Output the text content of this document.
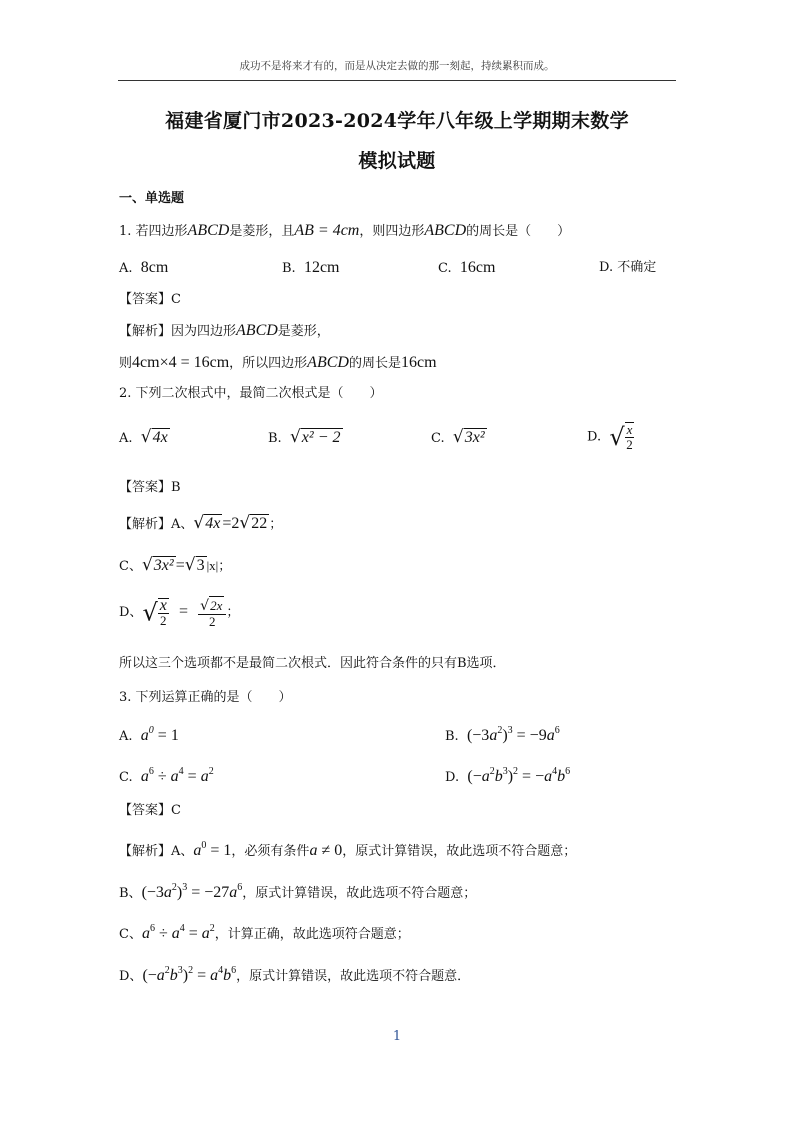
成功不是将来才有的，而是从决定去做的那一刻起，持续累积而成。
福建省厦门市2023-2024学年八年级上学期期末数学
模拟试题
一、单选题
1. 若四边形ABCD是菱形，且AB = 4cm，则四边形ABCD的周长是（　　）
A. 8cm	B. 12cm	C. 16cm	D. 不确定
【答案】C
【解析】因为四边形ABCD是菱形，
则4cm×4 = 16cm，所以四边形ABCD的周长是16cm
2. 下列二次根式中，最简二次根式是（　　）
A. √4x	B. √x² − 2	C. √3x²	D. √ $\frac{x}{2}$
【答案】B
【解析】A、√4x =2√22 ；
C、√3x² =√3 |x|；
D、√ $\frac{x}{2} = \frac{√2x}{2}$ ；
所以这三个选项都不是最简二次根式．因此符合条件的只有B选项．
3. 下列运算正确的是（　　）
A. $a^0 = 1$	B. $(-3a^2)^3 = -9a^6$
C. $a^6 \div a^4 = a^2$	D. $(-a^2b^3)^2 = -a^4b^6$
【答案】C
【解析】A、$a^0 = 1$，必须有条件a ≠ 0，原式计算错误，故此选项不符合题意；
B、$(-3a^2)^3 = -27a^6$，原式计算错误，故此选项不符合题意；
C、$a^6 \div a^4 = a^2$，计算正确，故此选项符合题意；
D、$(-a^2b^3)^2 = a^4b^6$，原式计算错误，故此选项不符合题意．
1
